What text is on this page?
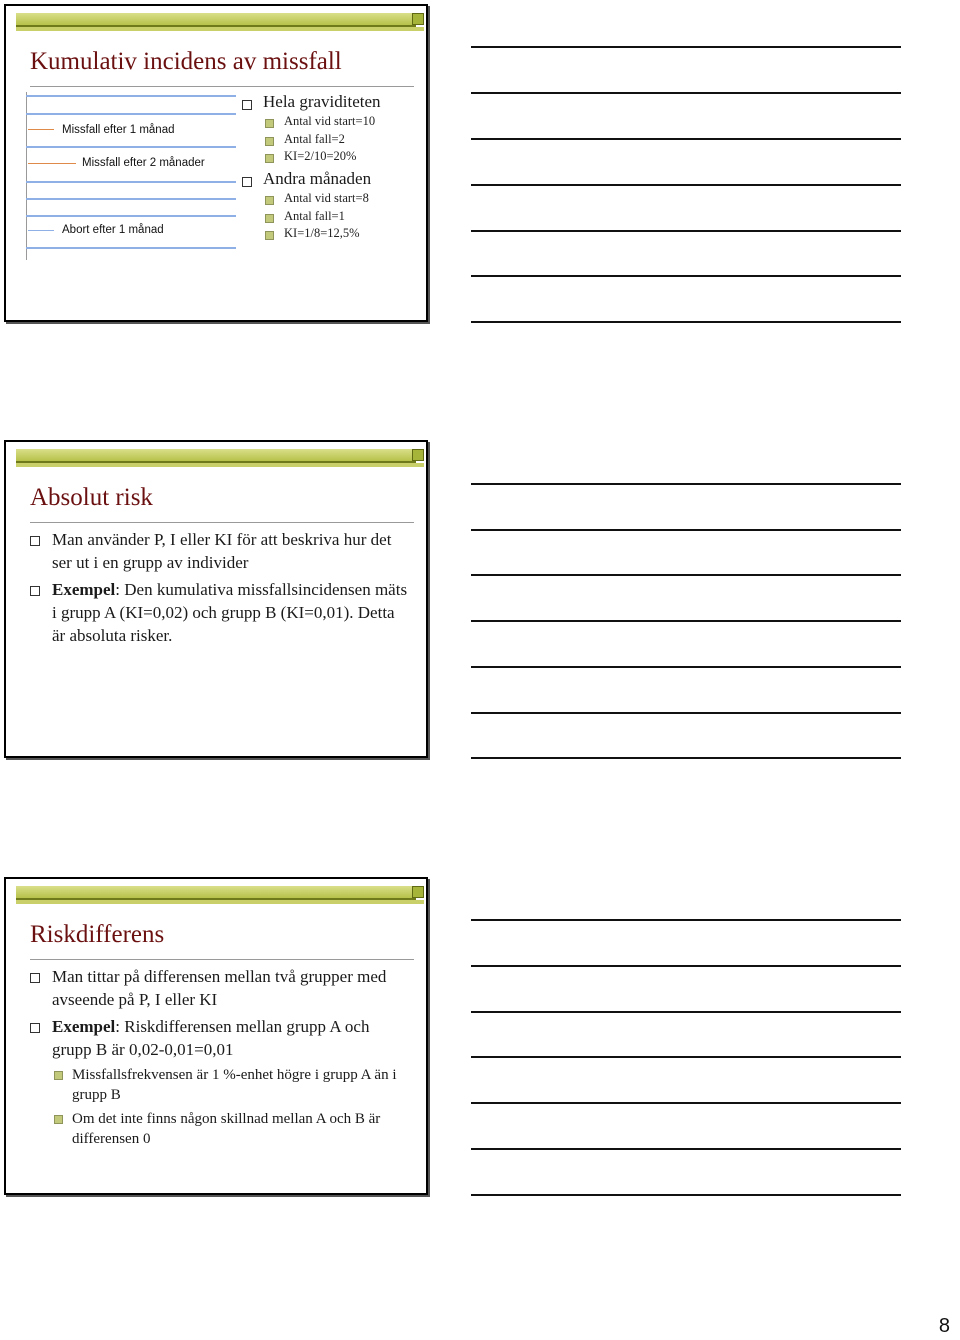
Kumulativ incidens av missfall
Missfall efter 1 månad
Missfall efter 2 månader
Abort efter 1 månad
Hela graviditeten
Antal vid start=10
Antal fall=2
KI=2/10=20%
Andra månaden
Antal vid start=8
Antal fall=1
KI=1/8=12,5%
Absolut risk
Man använder P, I eller KI för att beskriva hur det ser ut i en grupp av individer
Exempel: Den kumulativa missfallsincidensen mäts i grupp A (KI=0,02) och grupp B (KI=0,01). Detta är absoluta risker.
Riskdifferens
Man tittar på differensen mellan två grupper med avseende på P, I eller KI
Exempel: Riskdifferensen mellan grupp A och grupp B är 0,02-0,01=0,01
Missfallsfrekvensen är 1 %-enhet högre i grupp A än i grupp B
Om det inte finns någon skillnad mellan A och B är differensen 0
8
